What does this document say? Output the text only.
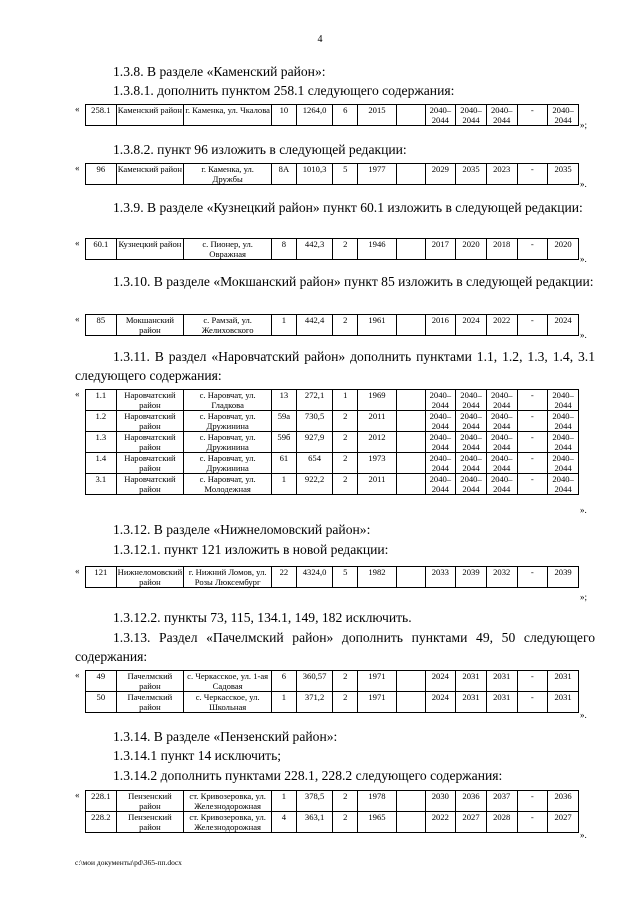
4

1.3.8. В разделе «Каменский район»:

1.3.8.1. дополнить пунктом 258.1 следующего содержания:

« 258.1	Каменский район	г. Каменка, ул. Чкалова	10	1264,0	6	2015		2040–2044	2040–2044	2040–2044	-	2040–2044 »;

1.3.8.2. пункт 96 изложить в следующей редакции:

« 96	Каменский район	г. Каменка, ул. Дружбы	8А	1010,3	5	1977		2029	2035	2023	-	2035
».

1.3.9. В разделе «Кузнецкий район» пункт 60.1 изложить в следующей редакции:

« 60.1	Кузнецкий район	с. Пионер, ул. Овражная	8	442,3	2	1946		2017	2020	2018	-	2020
».

1.3.10. В разделе «Мокшанский район» пункт 85 изложить в следующей редакции:

« 85	Мокшанский район	с. Рамзай, ул. Желиховского	1	442,4	2	1961		2016	2024	2022	-	2024
».

1.3.11. В раздел «Наровчатский район» дополнить пунктами 1.1, 1.2, 1.3, 1.4, 3.1 следующего содержания:

« 1.1	Наровчатский район	с. Наровчат, ул. Гладкова	13	272,1	1	1969		2040–2044	2040–2044	2040–2044	-	2040–2044
1.2	Наровчатский район	с. Наровчат, ул. Дружинина	59а	730,5	2	2011		2040–2044	2040–2044	2040–2044	-	2040–2044
1.3	Наровчатский район	с. Наровчат, ул. Дружинина	59б	927,9	2	2012		2040–2044	2040–2044	2040–2044	-	2040–2044
1.4	Наровчатский район	с. Наровчат, ул. Дружинина	61	654	2	1973		2040–2044	2040–2044	2040–2044	-	2040–2044
3.1	Наровчатский район	с. Наровчат, ул. Молодежная	1	922,2	2	2011		2040–2044	2040–2044	2040–2044	-	2040–2044
».

1.3.12. В разделе «Нижнеломовский район»:

1.3.12.1. пункт 121 изложить в новой редакции:

« 121	Нижнеломовский район	г. Нижний Ломов, ул. Розы Люксембург	22	4324,0	5	1982		2033	2039	2032	-	2039
»;

1.3.12.2. пункты 73, 115, 134.1, 149, 182 исключить.

1.3.13. Раздел «Пачелмский район» дополнить пунктами 49, 50 следующего содержания:

« 49	Пачелмский район	с. Черкасское, ул. 1-ая Садовая	6	360,57	2	1971		2024	2031	2031	-	2031
50	Пачелмский район	с. Черкасское, ул. Школьная	1	371,2	2	1971		2024	2031	2031	-	2031
».

1.3.14. В разделе «Пензенский район»:

1.3.14.1 пункт 14 исключить;

1.3.14.2 дополнить пунктами 228.1, 228.2 следующего содержания:

« 228.1	Пензенский район	ст. Кривозеровка, ул. Железнодорожная	1	378,5	2	1978		2030	2036	2037	-	2036
228.2	Пензенский район	ст. Кривозеровка, ул. Железнодорожная	4	363,1	2	1965		2022	2027	2028	-	2027
».
c:\мои документы\pd\365-пп.docx
